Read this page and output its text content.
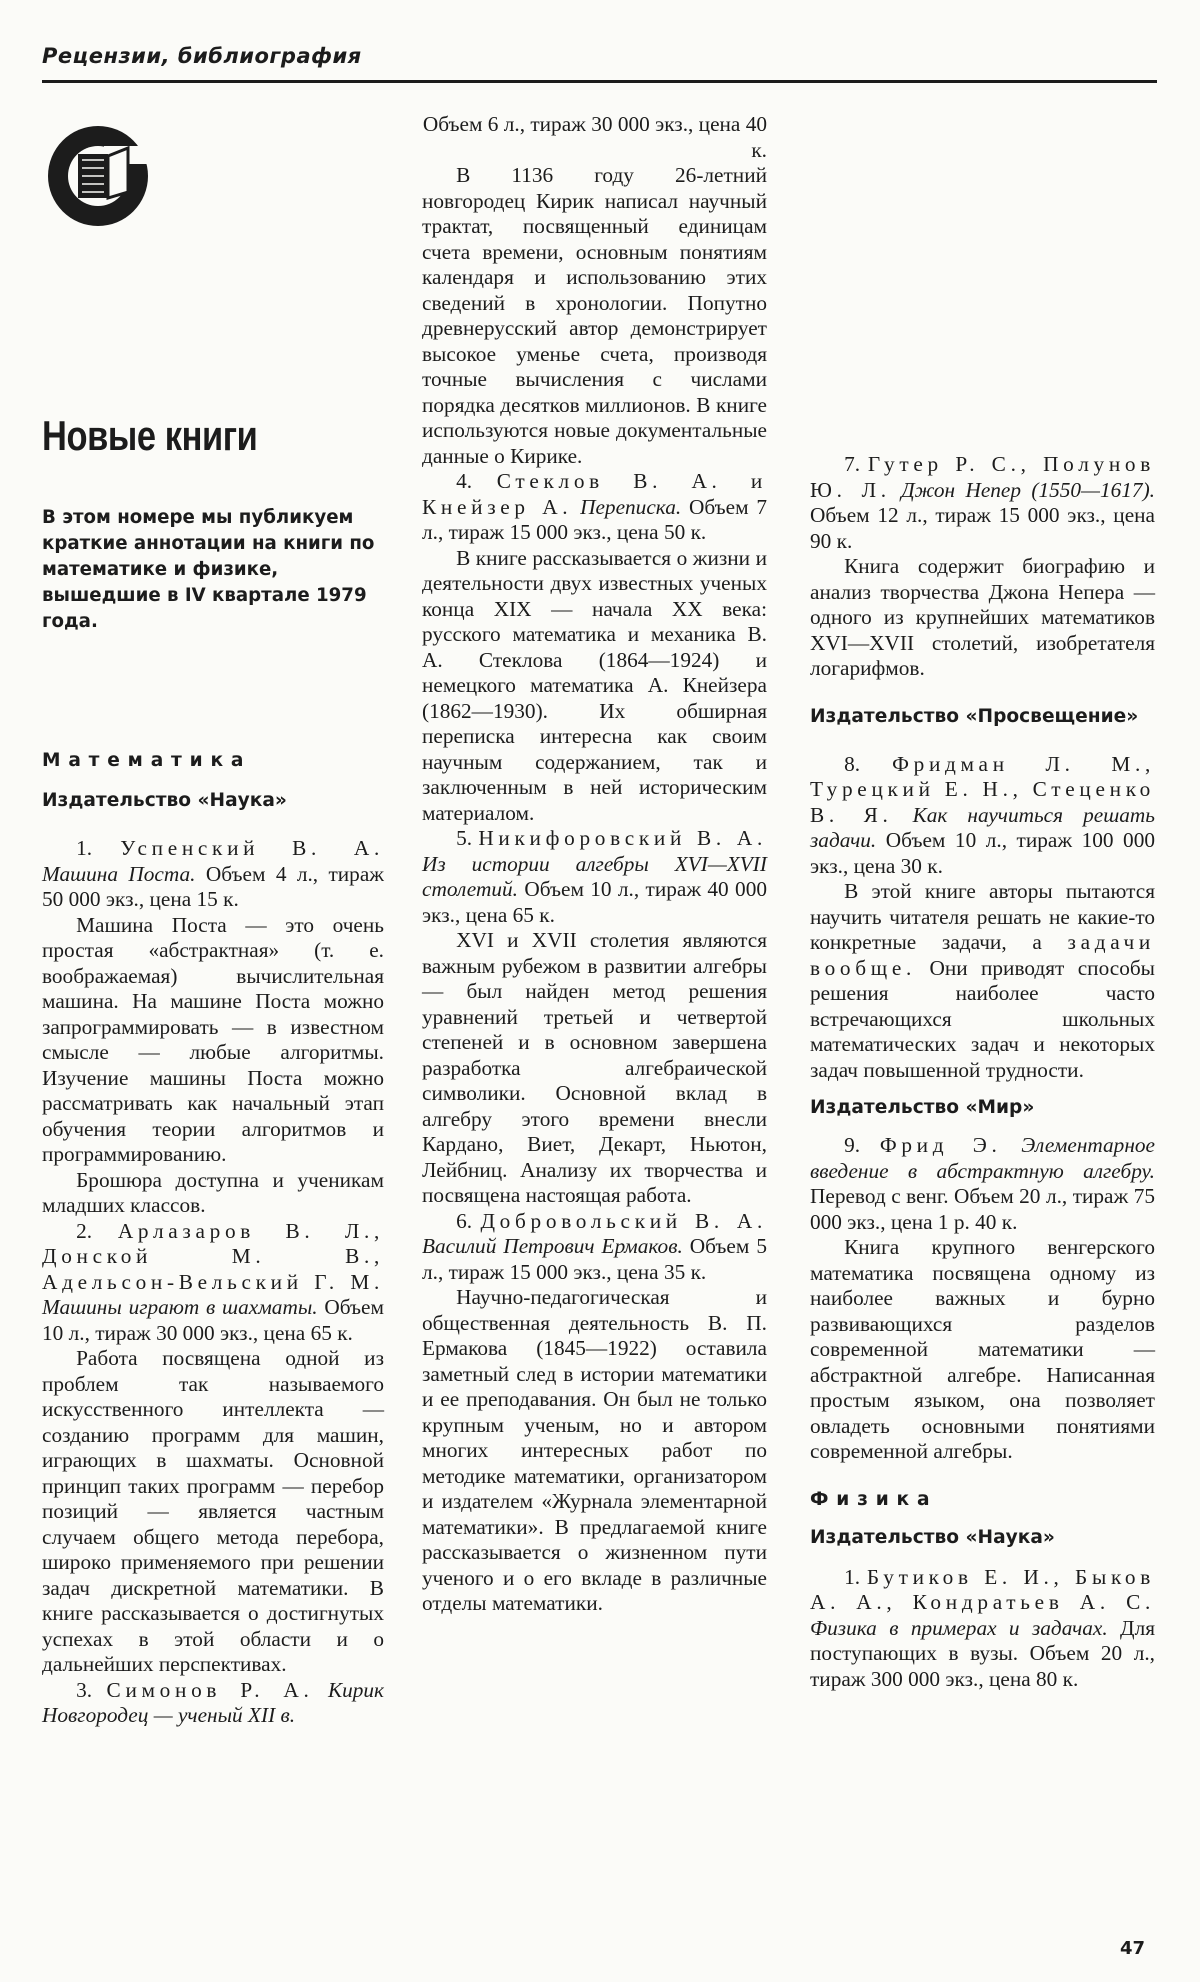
Рецензии, библиография
Новые книги
В этом номере мы публикуем краткие аннотации на книги по математике и физике, вышедшие в IV квартале 1979 года.
Математика
Издательство «Наука»

1. Успенский В. А. Машина Поста. Объем 4 л., тираж 50 000 экз., цена 15 к.

Машина Поста — это очень простая «абстрактная» (т. е. воображаемая) вычислительная машина. На машине Поста можно запрограммировать — в известном смысле — любые алгоритмы. Изучение машины Поста можно рассматривать как начальный этап обучения теории алгоритмов и программированию.

Брошюра доступна и ученикам младших классов.

2. Арлазаров В. Л., Донской М. В., Адельсон-Вельский Г. М. Машины играют в шахматы. Объем 10 л., тираж 30 000 экз., цена 65 к.

Работа посвящена одной из проблем так называемого искусственного интеллекта — созданию программ для машин, играющих в шахматы. Основной принцип таких программ — перебор позиций — является частным случаем общего метода перебора, широко применяемого при решении задач дискретной математики. В книге рассказывается о достигнутых успехах в этой области и о дальнейших перспективах.

3. Симонов Р. А. Кирик Новгородец — ученый XII в.

Объем 6 л., тираж 30 000 экз., цена 40 к.

В 1136 году 26-летний новгородец Кирик написал научный трактат, посвященный единицам счета времени, основным понятиям календаря и использованию этих сведений в хронологии. Попутно древнерусский автор демонстрирует высокое уменье счета, производя точные вычисления с числами порядка десятков миллионов. В книге используются новые документальные данные о Кирике.

4. Стеклов В. А. и Кнейзер А. Переписка. Объем 7 л., тираж 15 000 экз., цена 50 к.

В книге рассказывается о жизни и деятельности двух известных ученых конца XIX — начала XX века: русского математика и механика В. А. Стеклова (1864—1924) и немецкого математика А. Кнейзера (1862—1930). Их обширная переписка интересна как своим научным содержанием, так и заключенным в ней историческим материалом.

5. Никифоровский В. А. Из истории алгебры XVI—XVII столетий. Объем 10 л., тираж 40 000 экз., цена 65 к.

XVI и XVII столетия являются важным рубежом в развитии алгебры — был найден метод решения уравнений третьей и четвертой степеней и в основном завершена разработка алгебраической символики. Основной вклад в алгебру этого времени внесли Кардано, Виет, Декарт, Ньютон, Лейбниц. Анализу их творчества и посвящена настоящая работа.

6. Добровольский В. А. Василий Петрович Ермаков. Объем 5 л., тираж 15 000 экз., цена 35 к.

Научно-педагогическая и общественная деятельность В. П. Ермакова (1845—1922) оставила заметный след в истории математики и ее преподавания. Он был не только крупным ученым, но и автором многих интересных работ по методике математики, организатором и издателем «Журнала элементарной математики». В предлагаемой книге рассказывается о жизненном пути ученого и о его вкладе в различные отделы математики.

7. Гутер Р. С., Полунов Ю. Л. Джон Непер (1550—1617). Объем 12 л., тираж 15 000 экз., цена 90 к.

Книга содержит биографию и анализ творчества Джона Непера — одного из крупнейших математиков XVI—XVII столетий, изобретателя логарифмов.

Издательство «Просвещение»

8. Фридман Л. М., Турецкий Е. Н., Стеценко В. Я. Как научиться решать задачи. Объем 10 л., тираж 100 000 экз., цена 30 к.

В этой книге авторы пытаются научить читателя решать не какие-то конкретные задачи, а задачи вообще. Они приводят способы решения наиболее часто встречающихся школьных математических задач и некоторых задач повышенной трудности.

Издательство «Мир»

9. Фрид Э. Элементарное введение в абстрактную алгебру. Перевод с венг. Объем 20 л., тираж 75 000 экз., цена 1 р. 40 к.

Книга крупного венгерского математика посвящена одному из наиболее важных и бурно развивающихся разделов современной математики — абстрактной алгебре. Написанная простым языком, она позволяет овладеть основными понятиями современной алгебры.

Физика
Издательство «Наука»

1. Бутиков Е. И., Быков А. А., Кондратьев А. С. Физика в примерах и задачах. Для поступающих в вузы. Объем 20 л., тираж 300 000 экз., цена 80 к.

47
